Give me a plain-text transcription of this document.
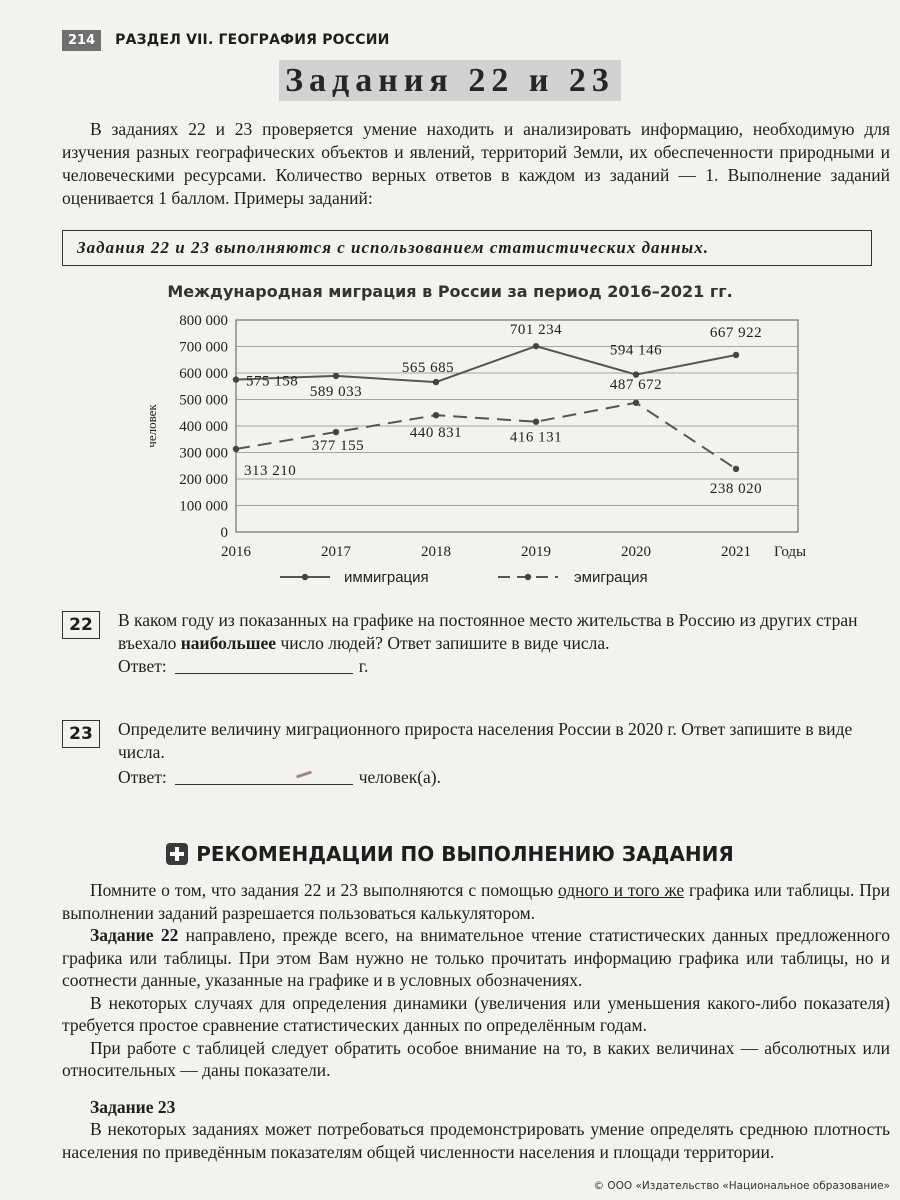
214	РАЗДЕЛ VII. ГЕОГРАФИЯ РОССИИ
Задания 22 и 23
В заданиях 22 и 23 проверяется умение находить и анализировать информацию, необходимую для изучения разных географических объектов и явлений, территорий Земли, их обеспеченности природными и человеческими ресурсами. Количество верных ответов в каждом из заданий — 1. Выполнение заданий оценивается 1 баллом. Примеры заданий:
Задания 22 и 23 выполняются с использованием статистических данных.
Международная миграция в России за период 2016–2021 гг.
0
100 000
200 000
300 000
400 000
500 000
600 000
700 000
800 000
2016	2017	2018	2019	2020	2021 Годы
человек
575 158
589 033
565 685
701 234
594 146
667 922
313 210
377 155
440 831	416 131
487 672
238 020
иммиграция	эмиграция
22	В каком году из показанных на графике на постоянное место жительства в Россию из других стран въехало наибольшее число людей? Ответ запишите в виде числа.
Ответ:	г.
23	Определите величину миграционного прироста населения России в 2020 г. Ответ запишите в виде числа.
Ответ:	человек(а).
РЕКОМЕНДАЦИИ ПО ВЫПОЛНЕНИЮ ЗАДАНИЯ

Помните о том, что задания 22 и 23 выполняются с помощью одного и того же графика или таблицы. При выполнении заданий разрешается пользоваться калькулятором.

Задание 22 направлено, прежде всего, на внимательное чтение статистических данных предложенного графика или таблицы. При этом Вам нужно не только прочитать информацию графика или таблицы, но и соотнести данные, указанные на графике и в условных обозначениях.

В некоторых случаях для определения динамики (увеличения или уменьшения какого-либо показателя) требуется простое сравнение статистических данных по определённым годам.

При работе с таблицей следует обратить особое внимание на то, в каких величинах — абсолютных или относительных — даны показатели.

Задание 23

В некоторых заданиях может потребоваться продемонстрировать умение определять среднюю плотность населения по приведённым показателям общей численности населения и площади территории.

© ООО «Издательство «Национальное образование»
